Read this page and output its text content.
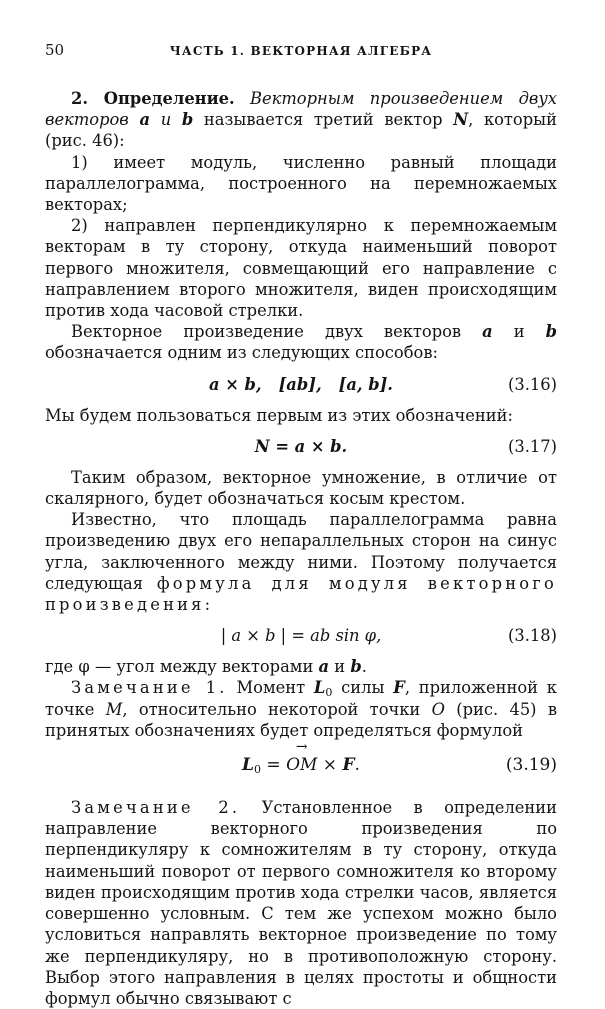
50	ЧАСТЬ 1. ВЕКТОРНАЯ АЛГЕБРА

2. Определение. Векторным произведением двух векторов a и b называется третий вектор N, который (рис. 46):

1) имеет модуль, численно равный площади параллелограмма, построенного на перемножаемых векторах;

2) направлен перпендикулярно к перемножаемым векторам в ту сторону, откуда наименьший поворот первого множителя, совмещающий его направление с направлением второго множителя, виден происходящим против хода часовой стрелки.

Векторное произведение двух векторов a и b обозначается одним из следующих способов:

a × b,   [ab],   [a, b].	(3.16)

Мы будем пользоваться первым из этих обозначений:

N = a × b.	(3.17)

Таким образом, векторное умножение, в отличие от скалярного, будет обозначаться косым крестом.

Известно, что площадь параллелограмма равна произведению двух его непараллельных сторон на синус угла, заключенного между ними. Поэтому получается следующая формула для модуля векторного произведения:

| a × b | = ab sin φ,	(3.18)

где φ — угол между векторами a и b.

Замечание 1. Момент $L_0$ силы F, приложенной к точке M, относительно некоторой точки O (рис. 45) в принятых обозначениях будет определяться формулой

$L_0$ = → OM × F.	(3.19)

Замечание 2. Установленное в определении направление векторного произведения по перпендикуляру к сомножителям в ту сторону, откуда наименьший поворот от первого сомножителя ко второму виден происходящим против хода стрелки часов, является совершенно условным. С тем же успехом можно было условиться направлять векторное произведение по тому же перпендикуляру, но в противоположную сторону. Выбор этого направления в целях простоты и общности формул обычно связывают с
